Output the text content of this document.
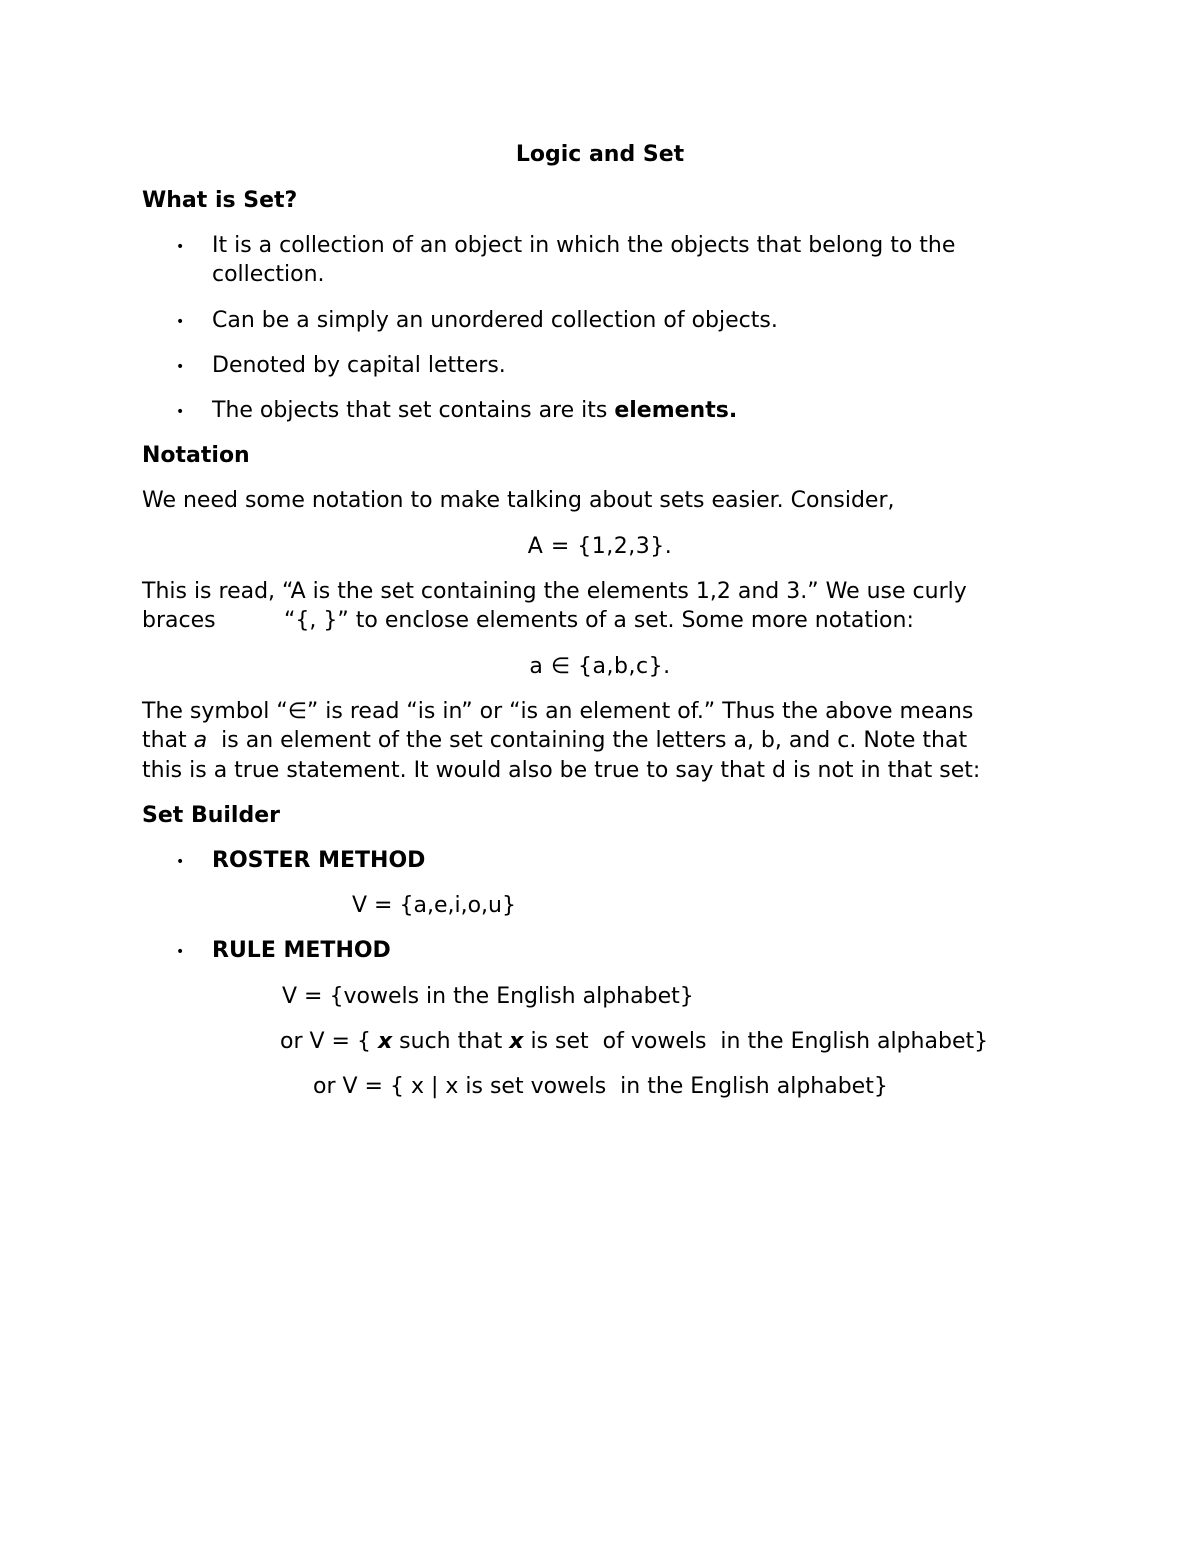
Logic and Set
What is Set?
• It is a collection of an object in which the objects that belong to the
collection.
• Can be a simply an unordered collection of objects.
• Denoted by capital letters.
• The objects that set contains are its elements.
Notation
We need some notation to make talking about sets easier. Consider,
A = {1,2,3}.
This is read, “A is the set containing the elements 1,2 and 3.” We use curly
braces	“{, }” to enclose elements of a set. Some more notation:
a ∈ {a,b,c}.
The symbol “∈” is read “is in” or “is an element of.” Thus the above means
that a  is an element of the set containing the letters a, b, and c. Note that
this is a true statement. It would also be true to say that d is not in that set:
Set Builder
• ROSTER METHOD
V = {a,e,i,o,u}
• RULE METHOD
V = {vowels in the English alphabet}
or V = { x such that x is set  of vowels  in the English alphabet}
or V = { x | x is set vowels  in the English alphabet}
